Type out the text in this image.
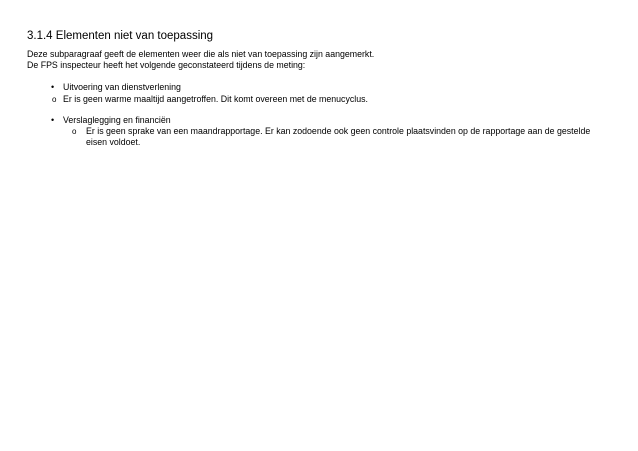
3.1.4 Elementen niet van toepassing
Deze subparagraaf geeft de elementen weer die als niet van toepassing zijn aangemerkt.
De FPS inspecteur heeft het volgende geconstateerd tijdens de meting:
• Uitvoering van dienstverlening
o Er is geen warme maaltijd aangetroffen. Dit komt overeen met de menucyclus.
• Verslaglegging en financiën
o Er is geen sprake van een maandrapportage. Er kan zodoende ook geen controle plaatsvinden op de rapportage aan de gestelde
eisen voldoet.
